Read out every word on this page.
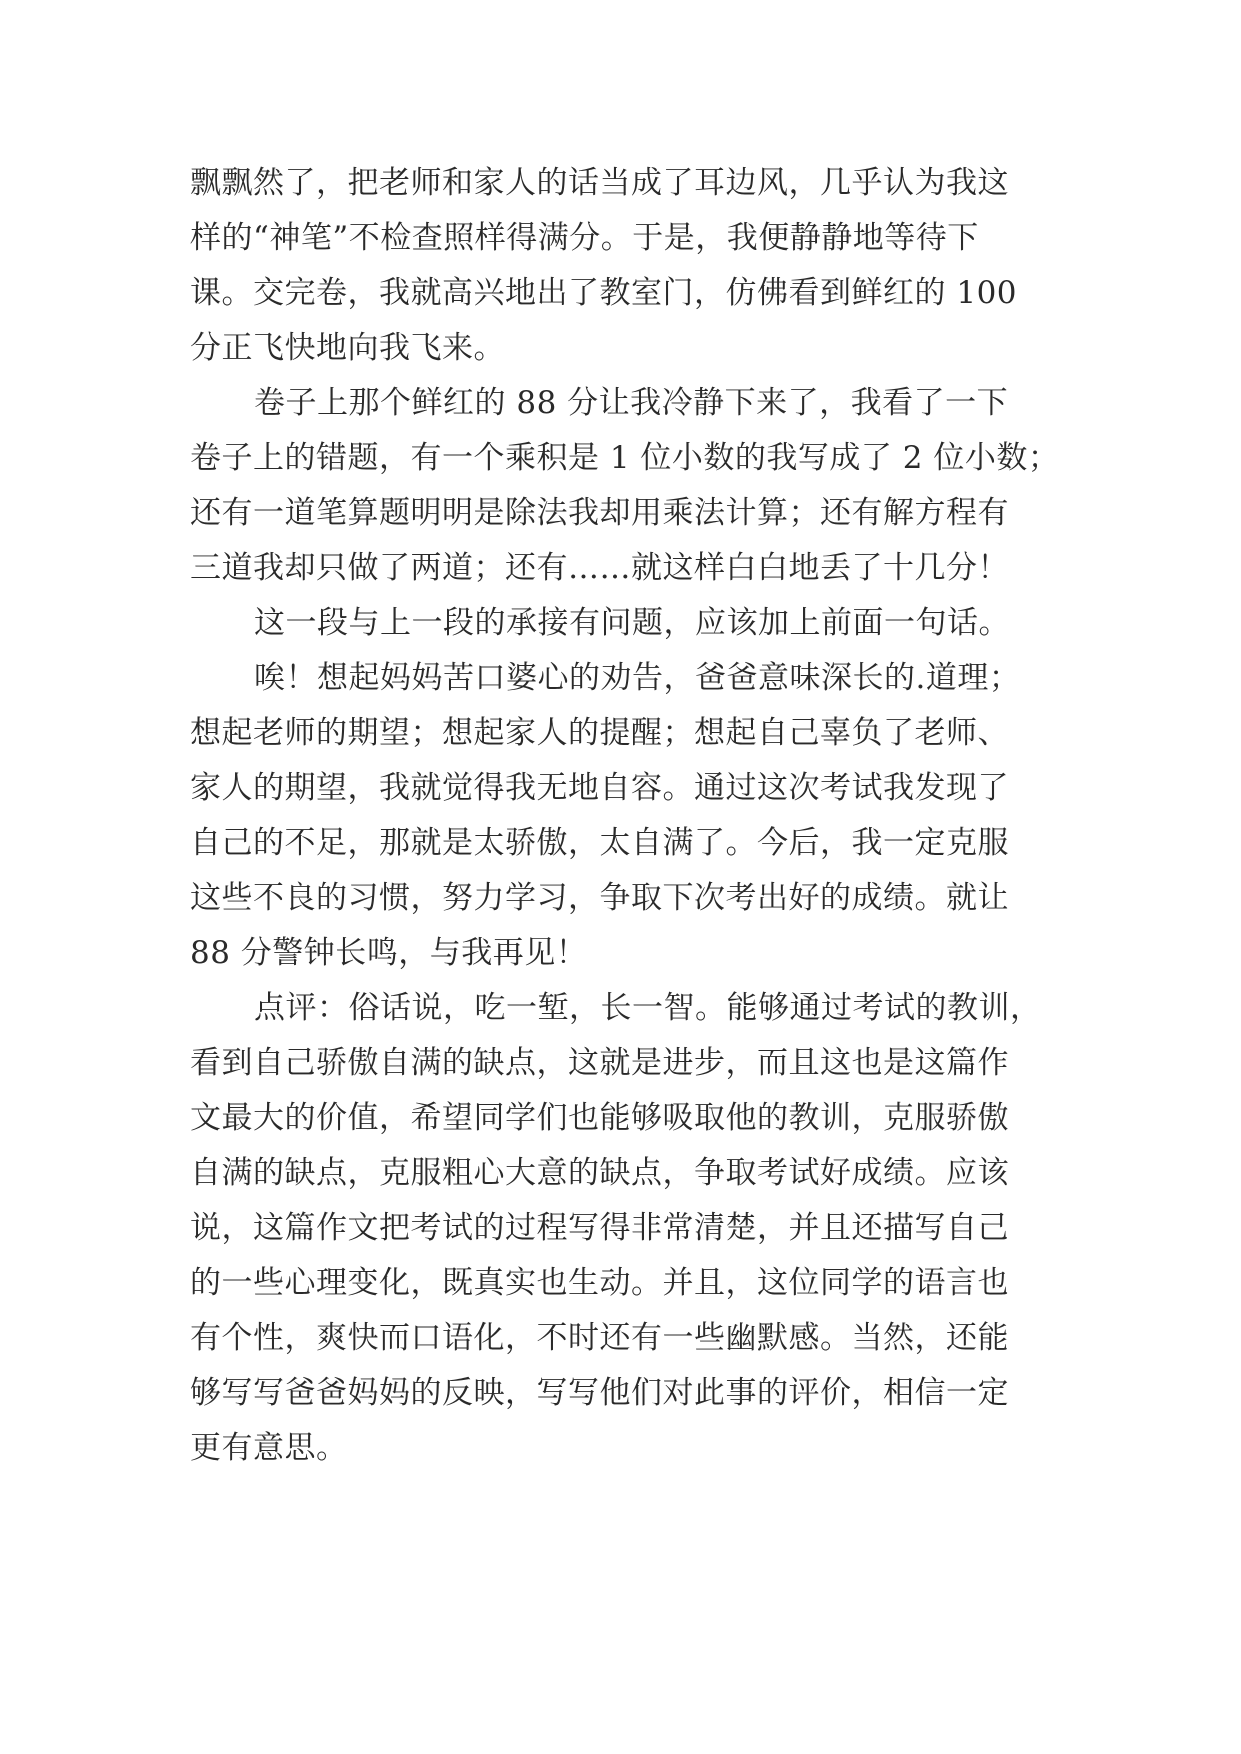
飘飘然了，把老师和家人的话当成了耳边风，几乎认为我这
样的“神笔”不检查照样得满分。于是，我便静静地等待下
课。交完卷，我就高兴地出了教室门，仿佛看到鲜红的 100
分正飞快地向我飞来。
卷子上那个鲜红的 88 分让我冷静下来了，我看了一下
卷子上的错题，有一个乘积是 1 位小数的我写成了 2 位小数；
还有一道笔算题明明是除法我却用乘法计算；还有解方程有
三道我却只做了两道；还有……就这样白白地丢了十几分！
这一段与上一段的承接有问题，应该加上前面一句话。
唉！想起妈妈苦口婆心的劝告，爸爸意味深长的.道理；
想起老师的期望；想起家人的提醒；想起自己辜负了老师、
家人的期望，我就觉得我无地自容。通过这次考试我发现了
自己的不足，那就是太骄傲，太自满了。今后，我一定克服
这些不良的习惯，努力学习，争取下次考出好的成绩。就让
88 分警钟长鸣，与我再见！
点评：俗话说，吃一堑，长一智。能够通过考试的教训，
看到自己骄傲自满的缺点，这就是进步，而且这也是这篇作
文最大的价值，希望同学们也能够吸取他的教训，克服骄傲
自满的缺点，克服粗心大意的缺点，争取考试好成绩。应该
说，这篇作文把考试的过程写得非常清楚，并且还描写自己
的一些心理变化，既真实也生动。并且，这位同学的语言也
有个性，爽快而口语化，不时还有一些幽默感。当然，还能
够写写爸爸妈妈的反映，写写他们对此事的评价，相信一定
更有意思。
